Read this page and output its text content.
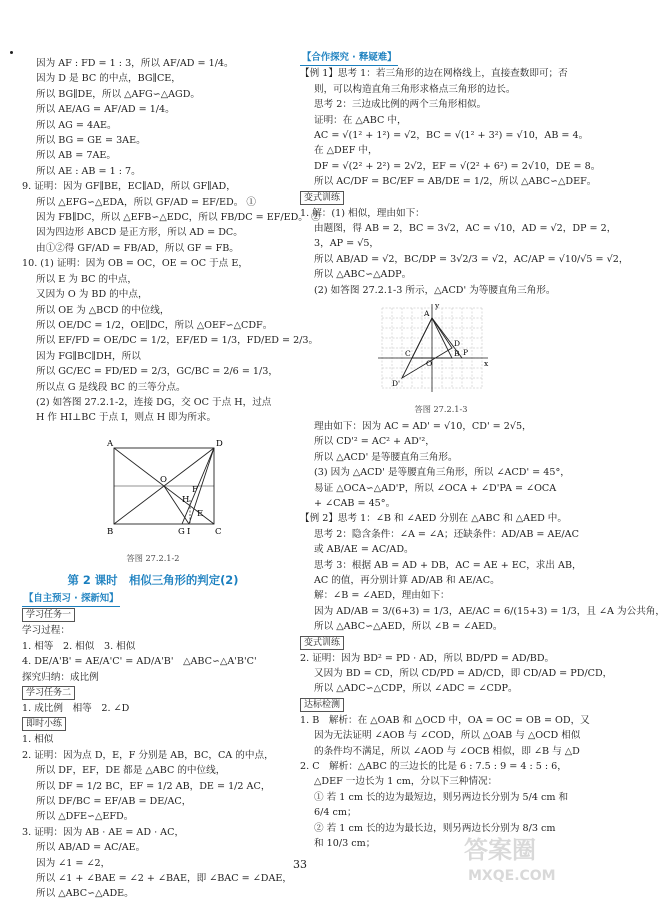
因为 AF : FD = 1 : 3，所以 AF/AD = 1/4。
因为 D 是 BC 的中点，BG∥CE，
所以 BG∥DE，所以 △AFG∽△AGD。
所以 AE/AG = AF/AD = 1/4。
所以 AG = 4AE。
所以 BG = GE = 3AE。
所以 AB = 7AE。
所以 AE : AB = 1 : 7。
9. 证明：因为 GF∥BE，EC∥AD，所以 GF∥AD，
所以 △EFG∽△EDA，所以 GF/AD = EF/ED。 ①
因为 FB∥DC，所以 △EFB∽△EDC，所以 FB/DC = EF/ED。 ②
因为四边形 ABCD 是正方形，所以 AD = DC。
由①②得 GF/AD = FB/AD，所以 GF = FB。
10. (1) 证明：因为 OB = OC，OE = OC 于点 E，
所以 E 为 BC 的中点，
又因为 O 为 BD 的中点，
所以 OE 为 △BCD 的中位线，
所以 OE/DC = 1/2，OE∥DC，所以 △OEF∽△CDF。
所以 EF/FD = OE/DC = 1/2，EF/ED = 1/3，FD/ED = 2/3。
因为 FG∥BC∥DH，所以
所以 GC/EC = FD/ED = 2/3，GC/BC = 2/6 = 1/3，
所以点 G 是线段 BC 的三等分点。
(2) 如答图 27.2.1-2，连接 DG，交 OC 于点 H，过点
H 作 HI⊥BC 于点 I，则点 H 即为所求。
A	D
O
F
H
E
B	G I	C
答图 27.2.1-2
第 2 课时　相似三角形的判定(2)
【自主预习 · 探新知】
学习任务一
学习过程：
1. 相等　2. 相似　3. 相似
4. DE/A'B' = AE/A'C' = AD/A'B'　△ABC∽△A'B'C'
探究归纳：成比例
学习任务二
1. 成比例　相等　2. ∠D
即时小练
1. 相似
2. 证明：因为点 D，E，F 分别是 AB，BC，CA 的中点，
所以 DF，EF，DE 都是 △ABC 的中位线，
所以 DF = 1/2 BC，EF = 1/2 AB，DE = 1/2 AC，
所以 DF/BC = EF/AB = DE/AC，
所以 △DFE∽△EFD。
3. 证明：因为 AB · AE = AD · AC，
所以 AB/AD = AC/AE。
因为 ∠1 = ∠2，
所以 ∠1 + ∠BAE = ∠2 + ∠BAE，即 ∠BAC = ∠DAE，
所以 △ABC∽△ADE。
【合作探究 · 释疑难】
【例 1】思考 1：若三角形的边在网格线上，直接查数即可；否
则，可以构造直角三角形求格点三角形的边长。
思考 2：三边成比例的两个三角形相似。
证明：在 △ABC 中，
AC = √(1² + 1²) = √2，BC = √(1² + 3²) = √10，AB = 4。
在 △DEF 中，
DF = √(2² + 2²) = 2√2，EF = √(2² + 6²) = 2√10，DE = 8。
所以 AC/DF = BC/EF = AB/DE = 1/2，所以 △ABC∽△DEF。
变式训练
1. 解：(1) 相似，理由如下：
由题图，得 AB = 2，BC = 3√2，AC = √10，AD = √2，DP = 2，
3，AP = √5，
所以 AB/AD = √2，BC/DP = 3√2/3 = √2，AC/AP = √10/√5 = √2，
所以 △ABC∽△ADP。
(2) 如答图 27.2.1-3 所示，△ACD' 为等腰直角三角形。
A
C	B
D'
P
O
D
x
y
答图 27.2.1-3
理由如下：因为 AC = AD' = √10，CD' = 2√5，
所以 CD'² = AC² + AD'²，
所以 △ACD' 是等腰直角三角形。
(3) 因为 △ACD' 是等腰直角三角形，所以 ∠ACD' = 45°，
易证 △OCA∽△AD'P，所以 ∠OCA + ∠D'PA = ∠OCA
+ ∠CAB = 45°。
【例 2】思考 1：∠B 和 ∠AED 分别在 △ABC 和 △AED 中。
思考 2：隐含条件：∠A = ∠A；还缺条件：AD/AB = AE/AC
或 AB/AE = AC/AD。
思考 3：根据 AB = AD + DB，AC = AE + EC，求出 AB，
AC 的值，再分别计算 AD/AB 和 AE/AC。
解：∠B = ∠AED，理由如下：
因为 AD/AB = 3/(6+3) = 1/3，AE/AC = 6/(15+3) = 1/3，且 ∠A 为公共角，
所以 △ABC∽△AED，所以 ∠B = ∠AED。
变式训练
2. 证明：因为 BD² = PD · AD，所以 BD/PD = AD/BD。
又因为 BD = CD，所以 CD/PD = AD/CD，即 CD/AD = PD/CD，
所以 △ADC∽△CDP，所以 ∠ADC = ∠CDP。
达标检测
1. B　解析：在 △OAB 和 △OCD 中，OA = OC = OB = OD，又
因为无法证明 ∠AOB 与 ∠COD，所以 △OAB 与 △OCD 相似
的条件均不满足，所以 ∠AOD 与 ∠OCB 相似，即 ∠B 与 △D
2. C　解析：△ABC 的三边长的比是 6 : 7.5 : 9 = 4 : 5 : 6，
△DEF 一边长为 1 cm，分以下三种情况：
① 若 1 cm 长的边为最短边，则另两边长分别为 5/4 cm 和
6/4 cm；
② 若 1 cm 长的边为最长边，则另两边长分别为 8/3 cm
和 10/3 cm；
33
答案圈
MXQE.COM
